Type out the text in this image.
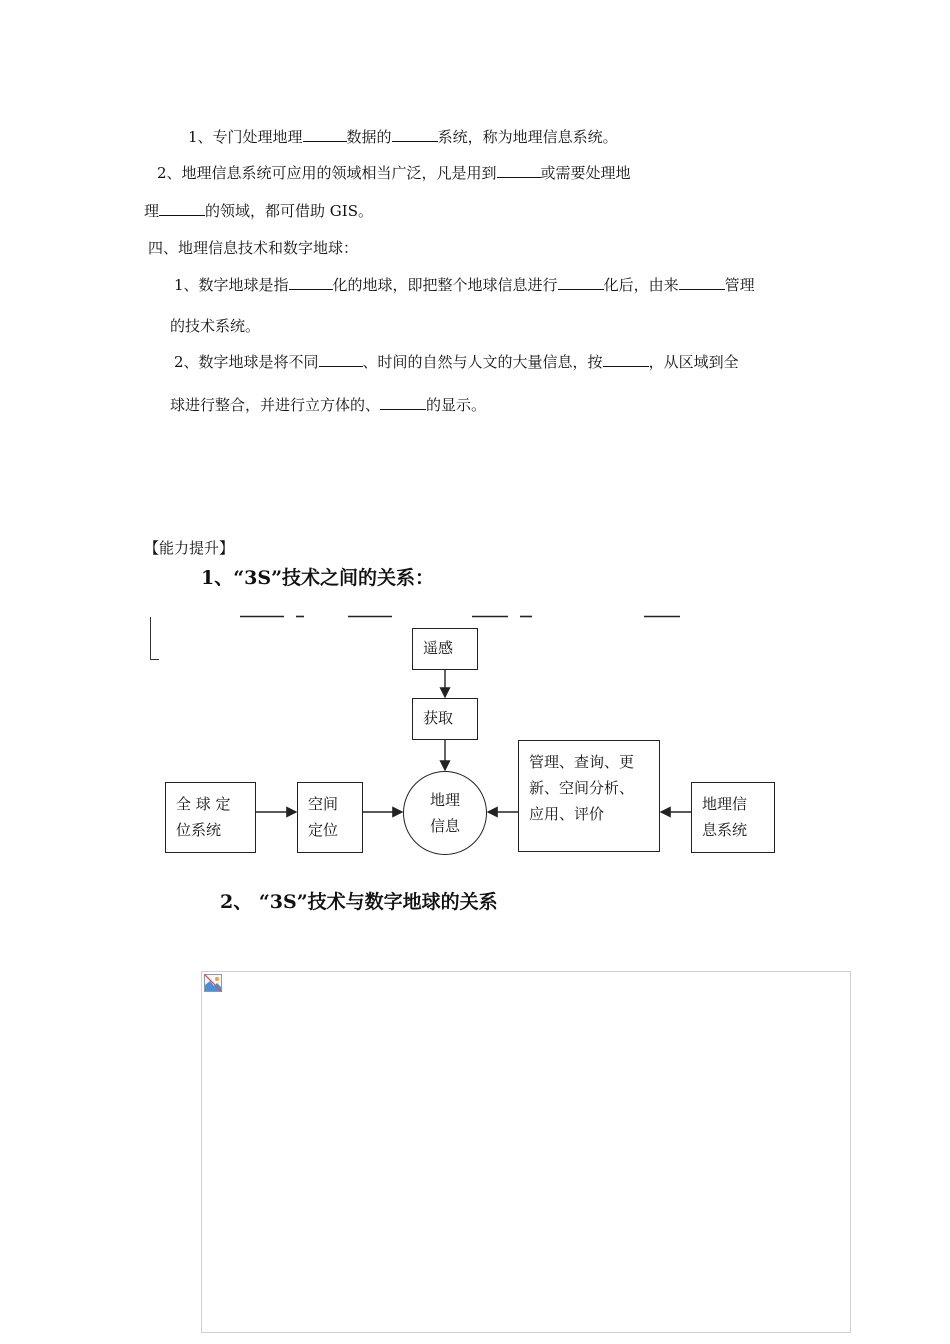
1、专门处理地理	数据的	系统，称为地理信息系统。
2、地理信息系统可应用的领域相当广泛，凡是用到	或需要处理地
理	的领域，都可借助 GIS。
四、地理信息技术和数字地球：
1、数字地球是指	化的地球，即把整个地球信息进行	化后，由来	管理
的技术系统。
2、数字地球是将不同	、时间的自然与人文的大量信息，按	，从区域到全
球进行整合，并进行立方体的、	的显示。
【能力提升】
1、“3S”技术之间的关系：
遥感
获取
全 球 定
位系统
空间
定位
地理
信息
管理、查询、更
新、空间分析、
应用、评价
地理信
息系统
2、 “3S”技术与数字地球的关系
